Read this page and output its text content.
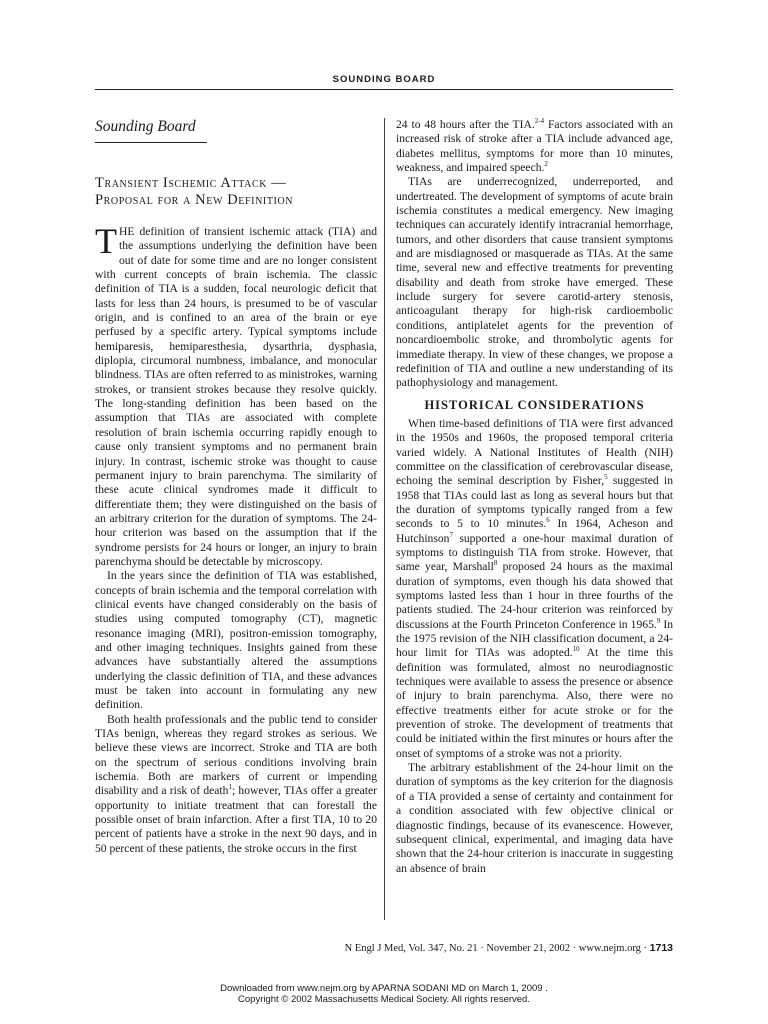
SOUNDING BOARD
Sounding Board
Transient Ischemic Attack —
Proposal for a New Definition

THE definition of transient ischemic attack (TIA) and the assumptions underlying the definition have been out of date for some time and are no longer consistent with current concepts of brain ischemia. The classic definition of TIA is a sudden, focal neurologic deficit that lasts for less than 24 hours, is presumed to be of vascular origin, and is confined to an area of the brain or eye perfused by a specific artery. Typical symptoms include hemiparesis, hemiparesthesia, dysarthria, dysphasia, diplopia, circumoral numbness, imbalance, and monocular blindness. TIAs are often referred to as ministrokes, warning strokes, or transient strokes because they resolve quickly. The long-standing definition has been based on the assumption that TIAs are associated with complete resolution of brain ischemia occurring rapidly enough to cause only transient symptoms and no permanent brain injury. In contrast, ischemic stroke was thought to cause permanent injury to brain parenchyma. The similarity of these acute clinical syndromes made it difficult to differentiate them; they were distinguished on the basis of an arbitrary criterion for the duration of symptoms. The 24-hour criterion was based on the assumption that if the syndrome persists for 24 hours or longer, an injury to brain parenchyma should be detectable by microscopy.

In the years since the definition of TIA was established, concepts of brain ischemia and the temporal correlation with clinical events have changed considerably on the basis of studies using computed tomography (CT), magnetic resonance imaging (MRI), positron-emission tomography, and other imaging techniques. Insights gained from these advances have substantially altered the assumptions underlying the classic definition of TIA, and these advances must be taken into account in formulating any new definition.

Both health professionals and the public tend to consider TIAs benign, whereas they regard strokes as serious. We believe these views are incorrect. Stroke and TIA are both on the spectrum of serious conditions involving brain ischemia. Both are markers of current or impending disability and a risk of death$^1$; however, TIAs offer a greater opportunity to initiate treatment that can forestall the possible onset of brain infarction. After a first TIA, 10 to 20 percent of patients have a stroke in the next 90 days, and in 50 percent of these patients, the stroke occurs in the first

24 to 48 hours after the TIA.$^{2-4}$ Factors associated with an increased risk of stroke after a TIA include advanced age, diabetes mellitus, symptoms for more than 10 minutes, weakness, and impaired speech.$^2$

TIAs are underrecognized, underreported, and undertreated. The development of symptoms of acute brain ischemia constitutes a medical emergency. New imaging techniques can accurately identify intracranial hemorrhage, tumors, and other disorders that cause transient symptoms and are misdiagnosed or masquerade as TIAs. At the same time, several new and effective treatments for preventing disability and death from stroke have emerged. These include surgery for severe carotid-artery stenosis, anticoagulant therapy for high-risk cardioembolic conditions, antiplatelet agents for the prevention of noncardioembolic stroke, and thrombolytic agents for immediate therapy. In view of these changes, we propose a redefinition of TIA and outline a new understanding of its pathophysiology and management.

HISTORICAL CONSIDERATIONS

When time-based definitions of TIA were first advanced in the 1950s and 1960s, the proposed temporal criteria varied widely. A National Institutes of Health (NIH) committee on the classification of cerebrovascular disease, echoing the seminal description by Fisher,$^5$ suggested in 1958 that TIAs could last as long as several hours but that the duration of symptoms typically ranged from a few seconds to 5 to 10 minutes.$^6$ In 1964, Acheson and Hutchinson$^7$ supported a one-hour maximal duration of symptoms to distinguish TIA from stroke. However, that same year, Marshall$^8$ proposed 24 hours as the maximal duration of symptoms, even though his data showed that symptoms lasted less than 1 hour in three fourths of the patients studied. The 24-hour criterion was reinforced by discussions at the Fourth Princeton Conference in 1965.$^9$ In the 1975 revision of the NIH classification document, a 24-hour limit for TIAs was adopted.$^{10}$ At the time this definition was formulated, almost no neurodiagnostic techniques were available to assess the presence or absence of injury to brain parenchyma. Also, there were no effective treatments either for acute stroke or for the prevention of stroke. The development of treatments that could be initiated within the first minutes or hours after the onset of symptoms of a stroke was not a priority.

The arbitrary establishment of the 24-hour limit on the duration of symptoms as the key criterion for the diagnosis of a TIA provided a sense of certainty and containment for a condition associated with few objective clinical or diagnostic findings, because of its evanescence. However, subsequent clinical, experimental, and imaging data have shown that the 24-hour criterion is inaccurate in suggesting an absence of brain

N Engl J Med, Vol. 347, No. 21 · November 21, 2002 · www.nejm.org · 1713
Downloaded from www.nejm.org by APARNA SODANI MD on March 1, 2009 .
Copyright © 2002 Massachusetts Medical Society. All rights reserved.
